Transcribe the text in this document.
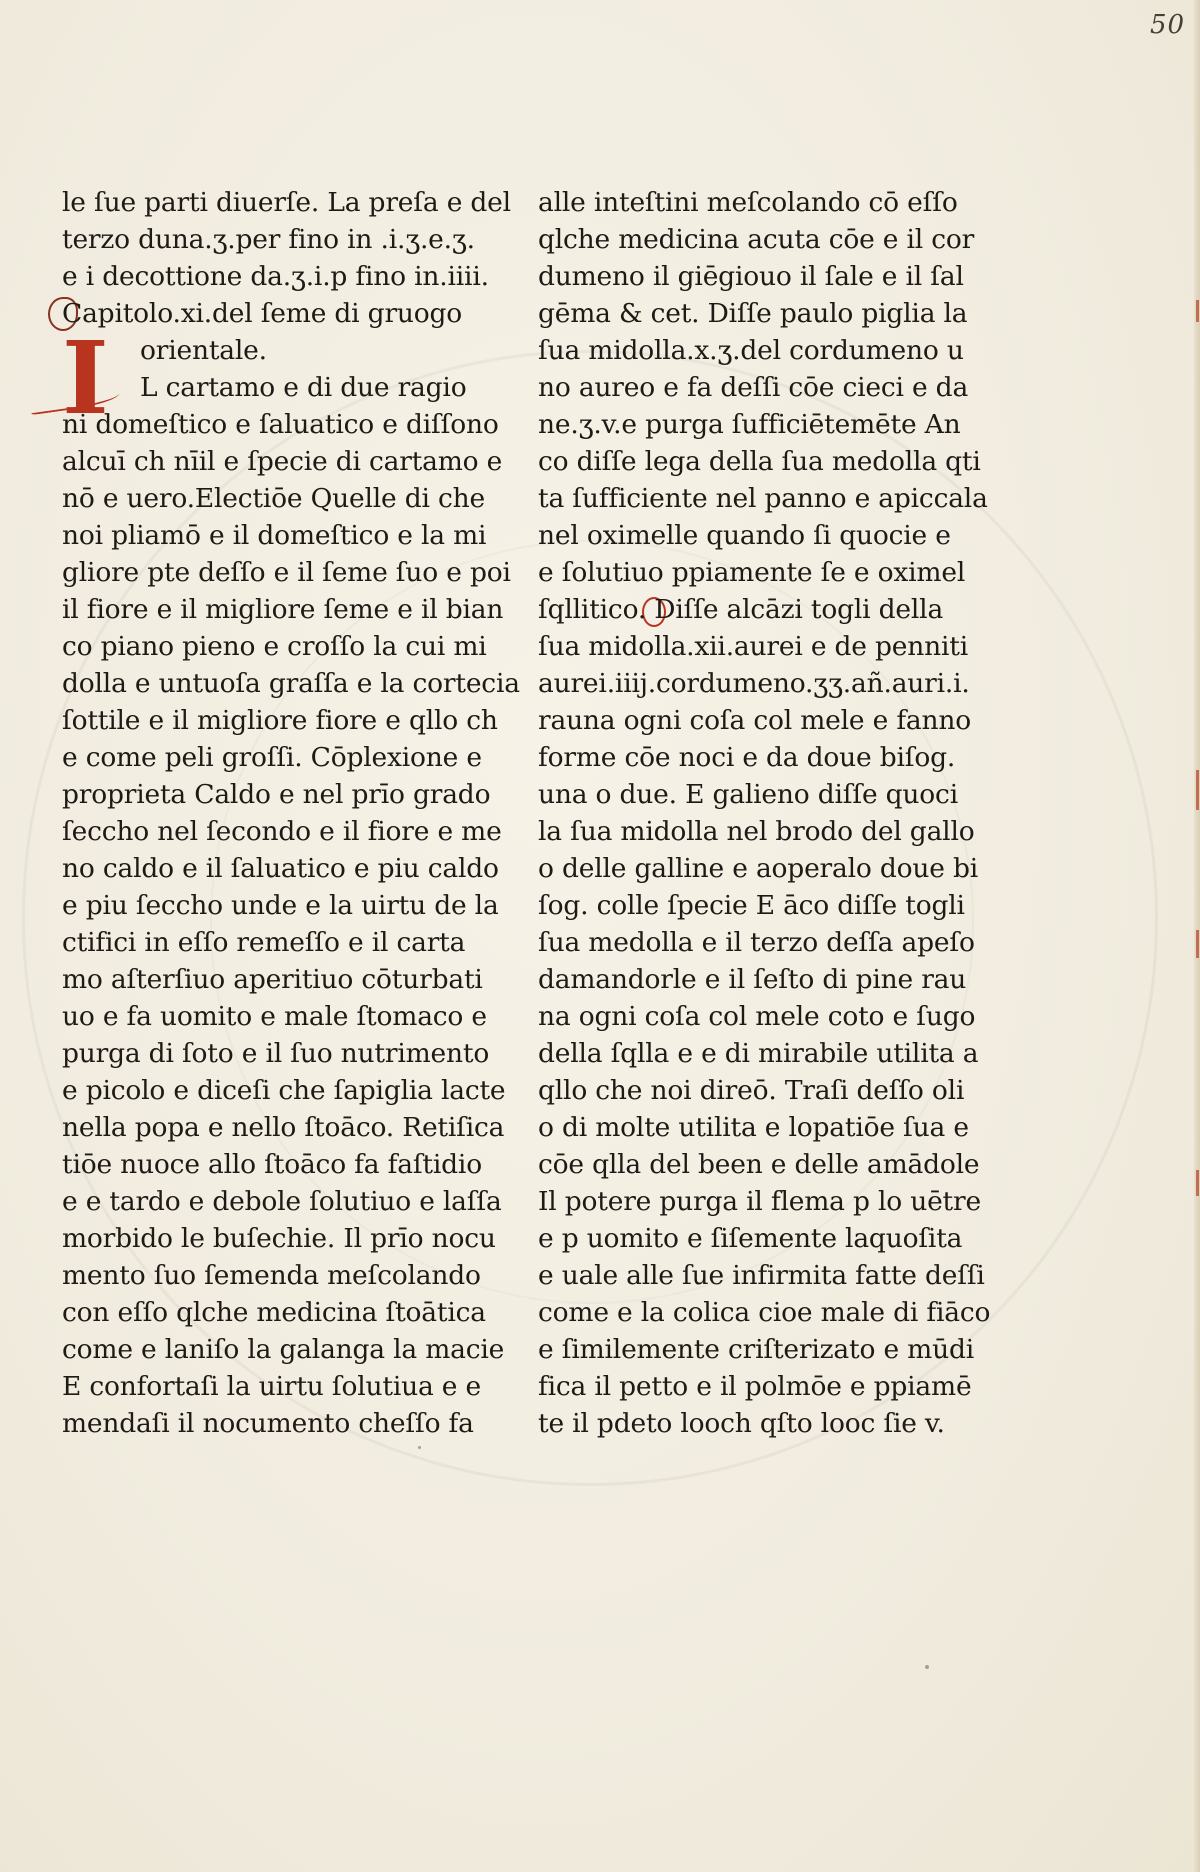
50
I
le ſue parti diuerſe. La preſa e del
terzo duna.ʒ.per fino in .i.ʒ.e.ʒ.
e i decottione da.ʒ.i.p fino in.iiii.
Capitolo.xi.del ſeme di gruogo
orientale.
L cartamo e di due ragio
ni domeſtico e ſaluatico e diſſono
alcuī ch nīil e ſpecie di cartamo e
nō e uero.Electiōe Quelle di che
noi pliamō e il domeſtico e la mi
gliore pte deſſo e il ſeme ſuo e poi
il fiore e il migliore ſeme e il bian
co piano pieno e croſſo la cui mi
dolla e untuoſa graſſa e la cortecia
ſottile e il migliore fiore e qllo ch
e come peli groſſi. Cōplexione e
proprieta Caldo e nel prīo grado
ſecchο nel ſecondo e il fiore e me
no caldo e il ſaluatico e piu caldo
e piu ſecchο unde e la uirtu de la
ctifici in eſſo remeſſo e il carta
mo aſterſiuo aperitiuo cōturbati
uo e fa uomito e male ſtomaco e
purga di ſoto e il ſuo nutrimento
e picolo e diceſi che ſapiglia lacte
nella popa e nello ſtoāco. Retiſica
tiōe nuoce allo ſtoāco fa faſtidio
e e tardo e debole ſolutiuo e laſſa
morbido le buſechie. Il prīo nocu
mento ſuo ſemenda meſcolando
con eſſo qlche medicina ſtoātica
come e laniſo la galanga la macie
E confortaſi la uirtu ſolutiua e e
mendaſi il nocumento cheſſo fa
alle inteſtini meſcolando cō eſſo
qlche medicina acuta cōe e il cor
dumeno il giēgiouo il ſale e il ſal
gēma & cet. Diſſe paulo piglia la
ſua midolla.x.ʒ.del cordumeno u
no aureo e fa deſſi cōe cieci e da
ne.ʒ.v.e purga ſufficiētemēte An
co diſſe lega della ſua medolla qti
ta ſufficiente nel panno e apiccala
nel oximelle quando ſi quocie e
e ſolutiuo ppiamente ſe e oximel
ſqllitico. Diſſe alcāzi togli della
ſua midolla.xii.aurei e de penniti
aurei.iiij.cordumeno.ʒʒ.añ.auri.i.
rauna ogni coſa col mele e fanno
forme cōe noci e da doue biſog.
una o due. E galieno diſſe quoci
la ſua midolla nel brodo del gallo
o delle galline e aoperalo doue bi
ſog. colle ſpecie E āco diſſe togli
ſua medolla e il terzo deſſa apeſo
damandorle e il ſeſto di pine rau
na ogni coſa col mele coto e ſugo
della ſqlla e e di mirabile utilita a
qllo che noi direō. Traſi deſſo oli
o di molte utilita e lopatiōe ſua e
cōe qlla del been e delle amādole
Il potere purga il flema p lo uētre
e p uomito e ſiſemente laquoſita
e uale alle ſue infirmita fatte deſſi
come e la colica cioe male di fiāco
e ſimilemente criſterizato e mūdi
fica il petto e il polmōe e ppiamē
te il pdeto looch qſto looc ſie v.
